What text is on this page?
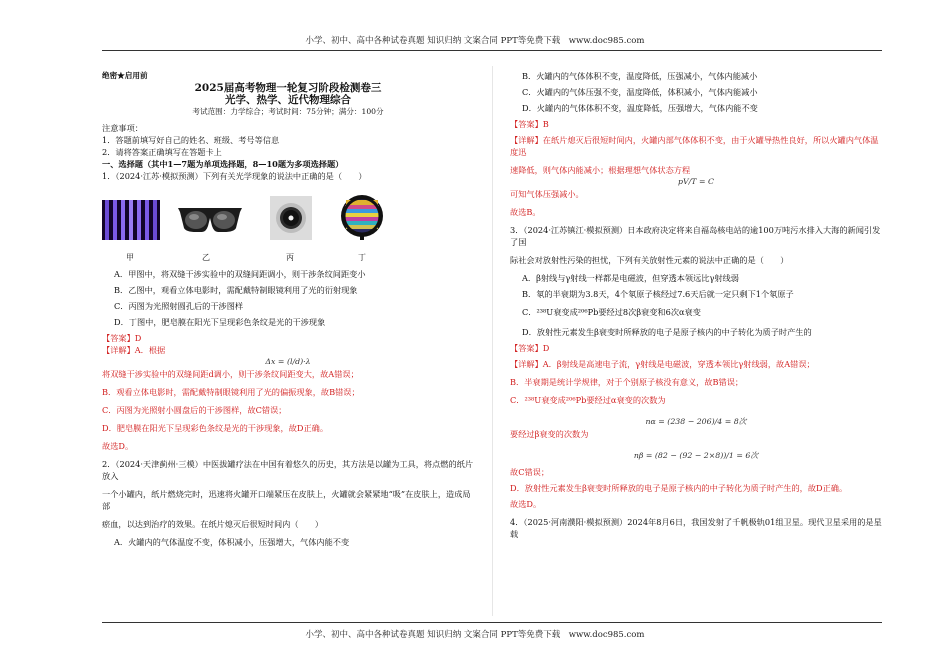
小学、初中、高中各种试卷真题 知识归纳 文案合同 PPT等免费下载　www.doc985.com
小学、初中、高中各种试卷真题 知识归纳 文案合同 PPT等免费下载　www.doc985.com

绝密★启用前

2025届高考物理一轮复习阶段检测卷三

光学、热学、近代物理综合

考试范围：力学综合；考试时间：75分钟；满分：100分

注意事项：

1．答题前填写好自己的姓名、班级、考号等信息

2．请将答案正确填写在答题卡上

一、选择题（其中1—7题为单项选择题，8—10题为多项选择题）

1．（2024·江苏·模拟预测）下列有关光学现象的说法中正确的是（　　）

甲	乙	丙	丁

A．甲图中，将双缝干涉实验中的双缝间距调小，则干涉条纹间距变小

B．乙图中，观看立体电影时，需配戴特制眼镜利用了光的衍射现象

C．丙图为光照射圆孔后的干涉图样

D．丁图中，肥皂膜在阳光下呈现彩色条纹是光的干涉现象

【答案】D

【详解】A．根据

Δx = (l/d)·λ

将双缝干涉实验中的双缝间距d调小，则干涉条纹间距变大，故A错误；

B．观看立体电影时，需配戴特制眼镜利用了光的偏振现象，故B错误；

C．丙图为光照射小圆盘后的干涉图样，故C错误；

D．肥皂膜在阳光下呈现彩色条纹是光的干涉现象，故D正确。

故选D。

2．（2024·天津蓟州·三模）中医拔罐疗法在中国有着悠久的历史，其方法是以罐为工具，将点燃的纸片放入

一个小罐内，纸片燃烧完时，迅速将火罐开口端紧压在皮肤上，火罐就会紧紧地“吸”在皮肤上，造成局部

瘀血，以达到治疗的效果。在纸片熄灭后很短时间内（　　）

A．火罐内的气体温度不变，体积减小，压强增大，气体内能不变

B．火罐内的气体体积不变，温度降低，压强减小，气体内能减小

C．火罐内的气体压强不变，温度降低，体积减小，气体内能减小

D．火罐内的气体体积不变，温度降低，压强增大，气体内能不变

【答案】B

【详解】在纸片熄灭后很短时间内，火罐内部气体体积不变，由于火罐导热性良好，所以火罐内气体温度迅

速降低，则气体内能减小；根据理想气体状态方程

pV/T = C

可知气体压强减小。

故选B。

3．（2024·江苏镇江·模拟预测）日本政府决定将来自福岛核电站的逾100万吨污水排入大海的新闻引发了国

际社会对放射性污染的担忧，下列有关放射性元素的说法中正确的是（　　）

A．β射线与γ射线一样都是电磁波，但穿透本领远比γ射线弱

B．氡的半衰期为3.8天，4个氡原子核经过7.6天后就一定只剩下1个氡原子

C．²³⁸U衰变成²⁰⁶Pb要经过8次β衰变和6次α衰变

D．放射性元素发生β衰变时所释放的电子是原子核内的中子转化为质子时产生的

【答案】D

【详解】A．β射线是高速电子流，γ射线是电磁波，穿透本领比γ射线弱，故A错误；

B．半衰期是统计学规律，对于个别原子核没有意义，故B错误；

C．²³⁸U衰变成²⁰⁶Pb要经过α衰变的次数为

nα = (238 − 206)/4 = 8次

要经过β衰变的次数为

nβ = (82 − (92 − 2×8))/1 = 6次

故C错误；

D．放射性元素发生β衰变时所释放的电子是原子核内的中子转化为质子时产生的，故D正确。

故选D。

4．（2025·河南濮阳·模拟预测）2024年8月6日，我国发射了千帆极轨01组卫星。现代卫星采用的是星载
